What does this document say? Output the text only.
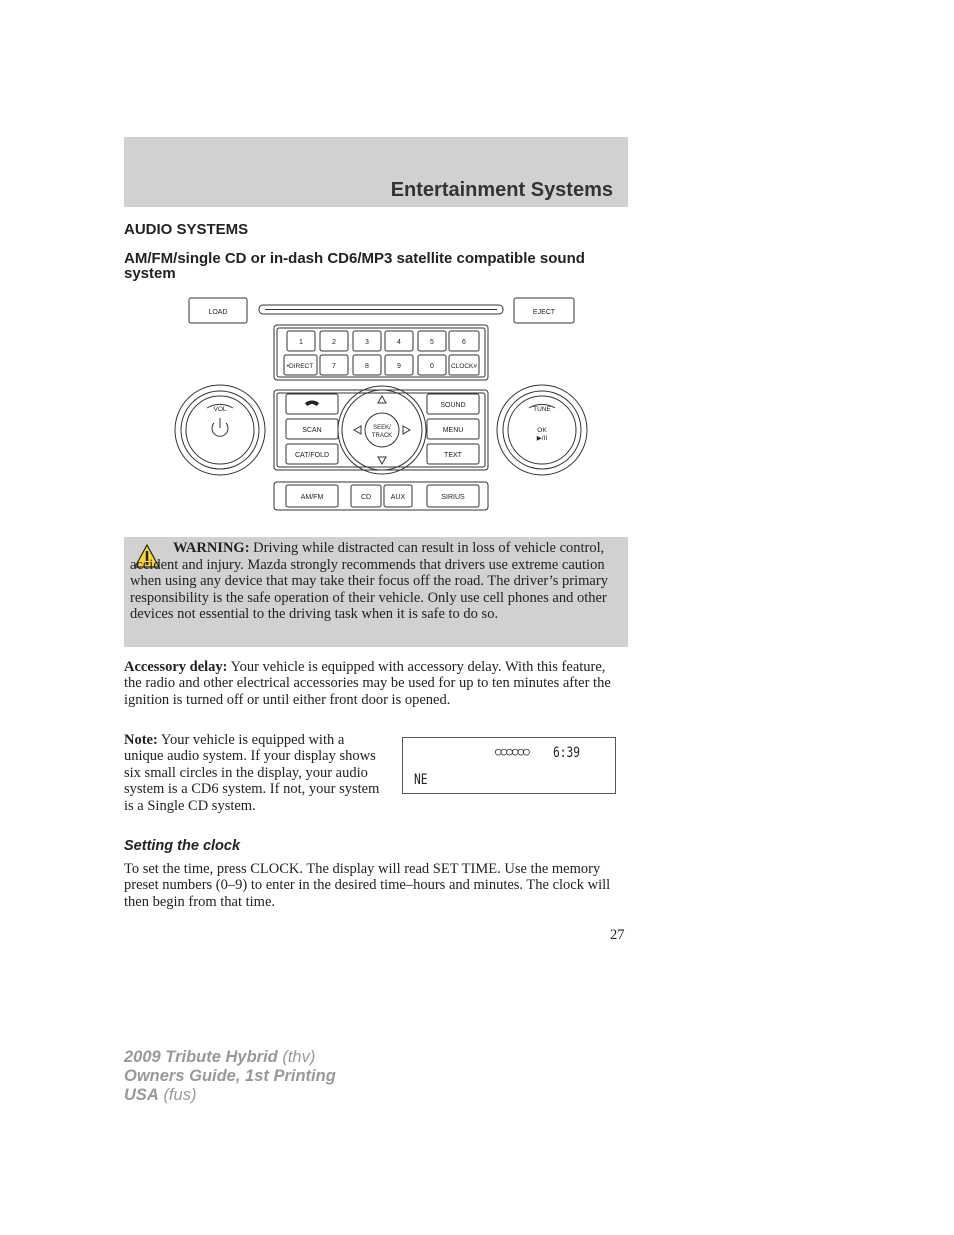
Entertainment Systems
AUDIO SYSTEMS
AM/FM/single CD or in-dash CD6/MP3 satellite compatible sound system
LOAD	EJECT
1	2	3	4	5	6
•DIRECT	7	8	9	0	CLOCK#
VOL	TUNE
OK
▶/II
SCAN
CAT/FOLD
SEEK/
TRACK
SOUND
MENU
TEXT
AM/FM	CD	AUX	SIRIUS
WARNING: Driving while distracted can result in loss of vehicle control, accident and injury. Mazda strongly recommends that drivers use extreme caution when using any device that may take their focus off the road. The driver’s primary responsibility is the safe operation of their vehicle. Only use cell phones and other devices not essential to the driving task when it is safe to do so.
Accessory delay: Your vehicle is equipped with accessory delay. With this feature, the radio and other electrical accessories may be used for up to ten minutes after the ignition is turned off or until either front door is opened.
Note: Your vehicle is equipped with a unique audio system. If your display shows six small circles in the display, your audio system is a CD6 system. If not, your system is a Single CD system.
○○○○○○ 6:39
NE
Setting the clock
To set the time, press CLOCK. The display will read SET TIME. Use the memory preset numbers (0–9) to enter in the desired time–hours and minutes. The clock will then begin from that time.
27
2009 Tribute Hybrid (thv)
Owners Guide, 1st Printing
USA (fus)
